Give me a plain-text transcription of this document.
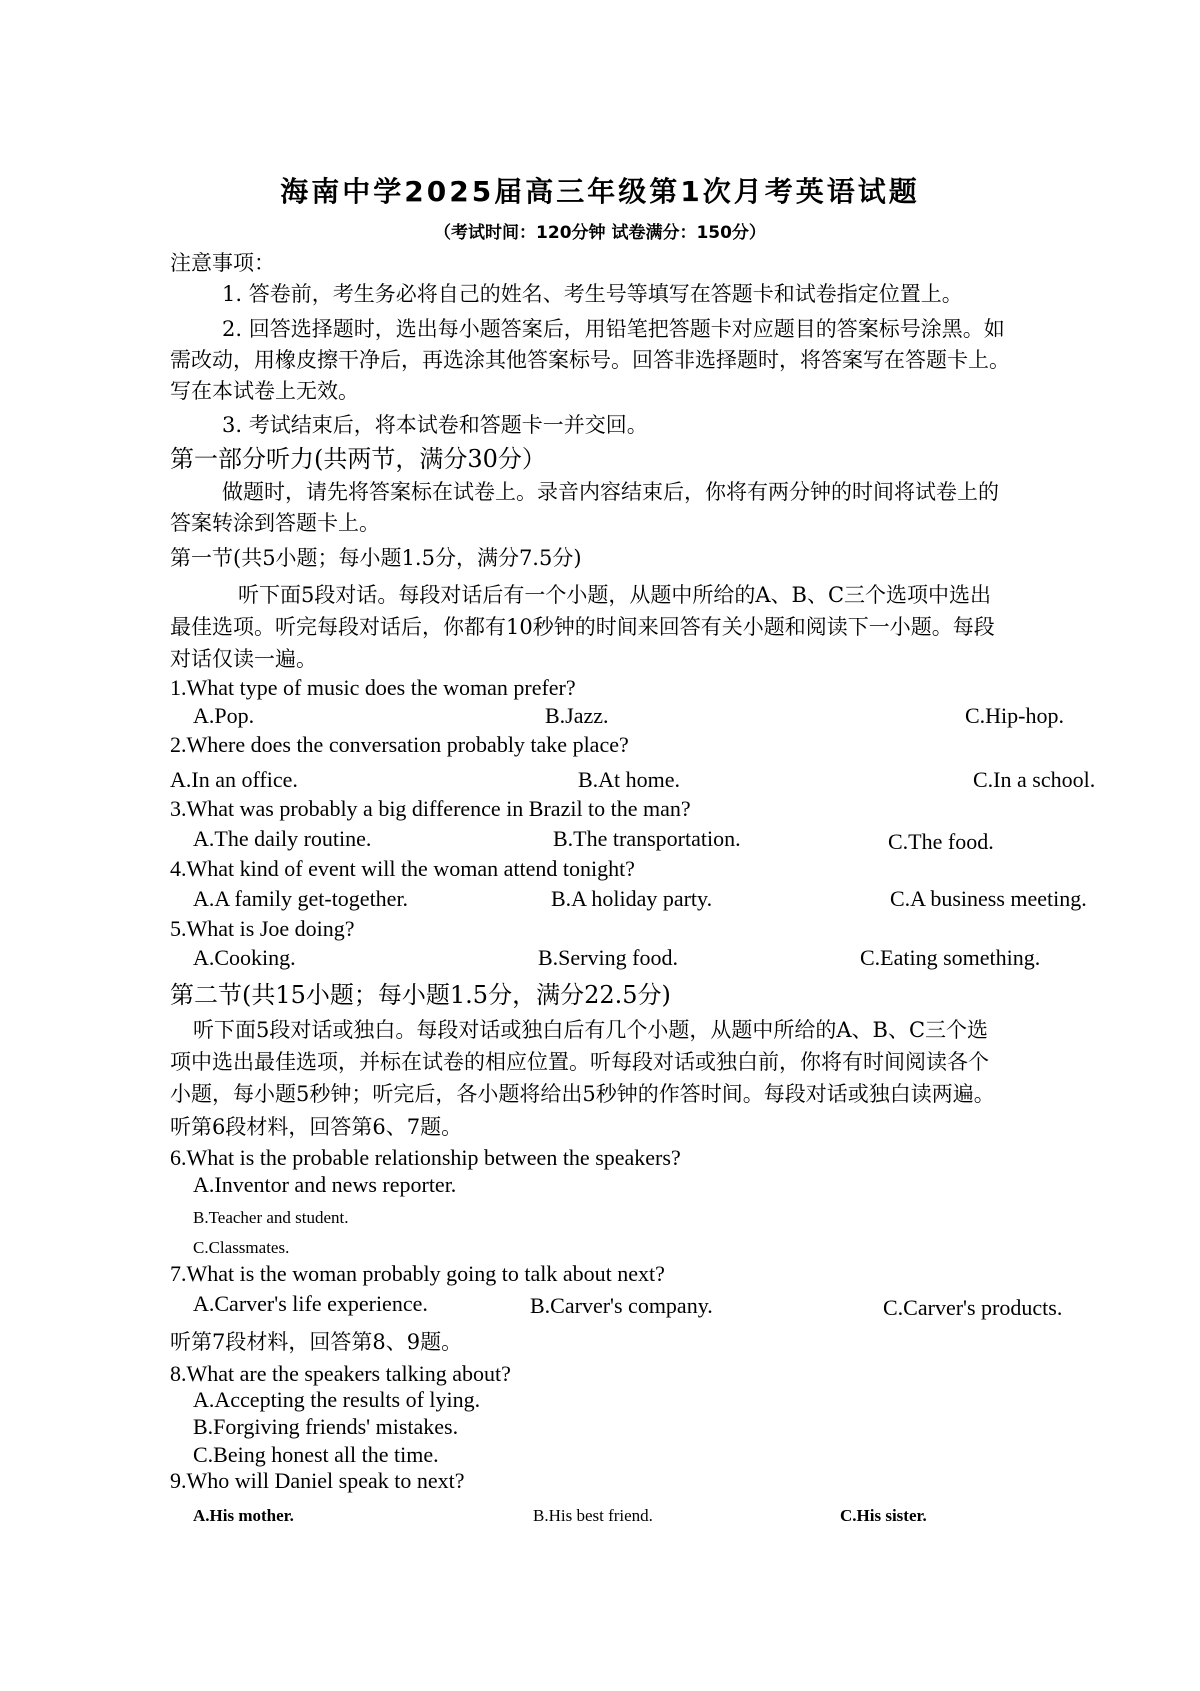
海南中学2025届高三年级第1次月考英语试题
（考试时间：120分钟 试卷满分：150分）
注意事项：
1. 答卷前，考生务必将自己的姓名、考生号等填写在答题卡和试卷指定位置上。
2. 回答选择题时，选出每小题答案后，用铅笔把答题卡对应题目的答案标号涂黑。如
需改动，用橡皮擦干净后，再选涂其他答案标号。回答非选择题时，将答案写在答题卡上。
写在本试卷上无效。
3. 考试结束后，将本试卷和答题卡一并交回。
第一部分听力(共两节，满分30分）
做题时，请先将答案标在试卷上。录音内容结束后，你将有两分钟的时间将试卷上的
答案转涂到答题卡上。
第一节(共5小题；每小题1.5分，满分7.5分)
听下面5段对话。每段对话后有一个小题，从题中所给的A、B、C三个选项中选出
最佳选项。听完每段对话后，你都有10秒钟的时间来回答有关小题和阅读下一小题。每段
对话仅读一遍。
1.What type of music does the woman prefer?
A.Pop.	B.Jazz.	C.Hip-hop.
2.Where does the conversation probably take place?
A.In an office.	B.At home.	C.In a school.
3.What was probably a big difference in Brazil to the man?
A.The daily routine.	B.The transportation.	C.The food.
4.What kind of event will the woman attend tonight?
A.A family get-together.	B.A holiday party.	C.A business meeting.
5.What is Joe doing?
A.Cooking.	B.Serving food.	C.Eating something.
第二节(共15小题；每小题1.5分，满分22.5分)
听下面5段对话或独白。每段对话或独白后有几个小题，从题中所给的A、B、C三个选
项中选出最佳选项，并标在试卷的相应位置。听每段对话或独白前，你将有时间阅读各个
小题，每小题5秒钟；听完后，各小题将给出5秒钟的作答时间。每段对话或独白读两遍。
听第6段材料，回答第6、7题。
6.What is the probable relationship between the speakers?
A.Inventor and news reporter.
B.Teacher and student.
C.Classmates.
7.What is the woman probably going to talk about next?
A.Carver's life experience.	B.Carver's company.	C.Carver's products.
听第7段材料，回答第8、9题。
8.What are the speakers talking about?
A.Accepting the results of lying.
B.Forgiving friends' mistakes.
C.Being honest all the time.
9.Who will Daniel speak to next?
A.His mother.	B.His best friend.	C.His sister.
